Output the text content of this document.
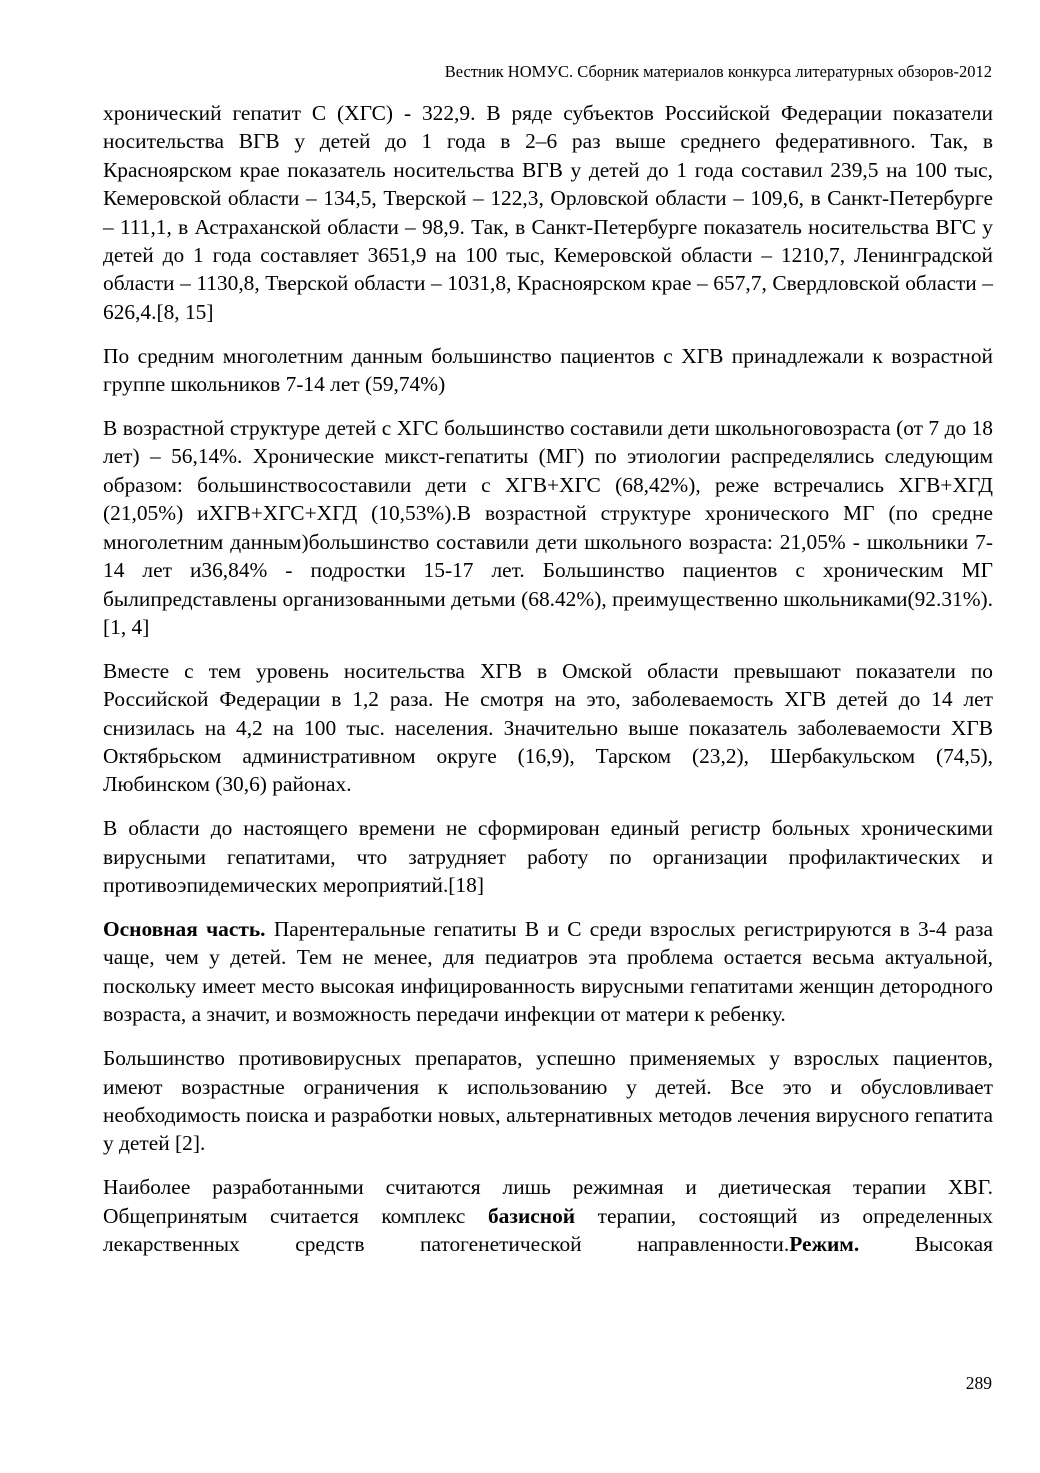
Вестник НОМУС. Сборник материалов конкурса литературных обзоров-2012

хронический гепатит С (ХГС) - 322,9. В ряде субъектов Российской Федерации показатели носительства ВГВ у детей до 1 года в 2–6 раз выше среднего федеративного. Так, в Красноярском крае показатель носительства ВГВ у детей до 1 года составил 239,5 на 100 тыс, Кемеровской области – 134,5, Тверской – 122,3, Орловской области – 109,6, в Санкт-Петербурге – 111,1, в Астраханской области – 98,9. Так, в Санкт-Петербурге показатель носительства ВГС у детей до 1 года составляет 3651,9 на 100 тыс, Кемеровской области – 1210,7, Ленинградской области – 1130,8, Тверской области – 1031,8, Красноярском крае – 657,7, Свердловской области – 626,4.[8, 15]

По средним многолетним данным большинство пациентов с ХГВ принадлежали к возрастной группе школьников 7-14 лет (59,74%)

В возрастной структуре детей с ХГС большинство составили дети школьноговозраста (от 7 до 18 лет) – 56,14%. Хронические микст-гепатиты (МГ) по этиологии распределялись следующим образом: большинствосоставили дети с ХГВ+ХГС (68,42%), реже встречались ХГВ+ХГД (21,05%) иХГВ+ХГС+ХГД (10,53%).В возрастной структуре хронического МГ (по средне многолетним данным)большинство составили дети школьного возраста: 21,05% - школьники 7-14 лет и36,84% - подростки 15-17 лет. Большинство пациентов с хроническим МГ былипредставлены организованными детьми (68.42%), преимущественно школьниками(92.31%).[1, 4]

Вместе с тем уровень носительства ХГВ в Омской области превышают показатели по Российской Федерации в 1,2 раза. Не смотря на это, заболеваемость ХГВ детей до 14 лет снизилась на 4,2 на 100 тыс. населения. Значительно выше показатель заболеваемости ХГВ Октябрьском административном округе (16,9), Тарском (23,2), Шербакульском (74,5), Любинском (30,6) районах.

В области до настоящего времени не сформирован единый регистр больных хроническими вирусными гепатитами, что затрудняет работу по организации профилактических и противоэпидемических мероприятий.[18]

Основная часть. Парентеральные гепатиты В и С среди взрослых регистрируются в 3-4 раза чаще, чем у детей. Тем не менее, для педиатров эта проблема остается весьма актуальной, поскольку имеет место высокая инфицированность вирусными гепатитами женщин детородного возраста, а значит, и возможность передачи инфекции от матери к ребенку.

Большинство противовирусных препаратов, успешно применяемых у взрослых пациентов, имеют возрастные ограничения к использованию у детей. Все это и обусловливает необходимость поиска и разработки новых, альтернативных методов лечения вирусного гепатита у детей [2].

Наиболее разработанными считаются лишь режимная и диетическая терапии ХВГ. Общепринятым считается комплекс базисной терапии, состоящий из определенных лекарственных средств патогенетической направленности.Режим. Высокая

289
